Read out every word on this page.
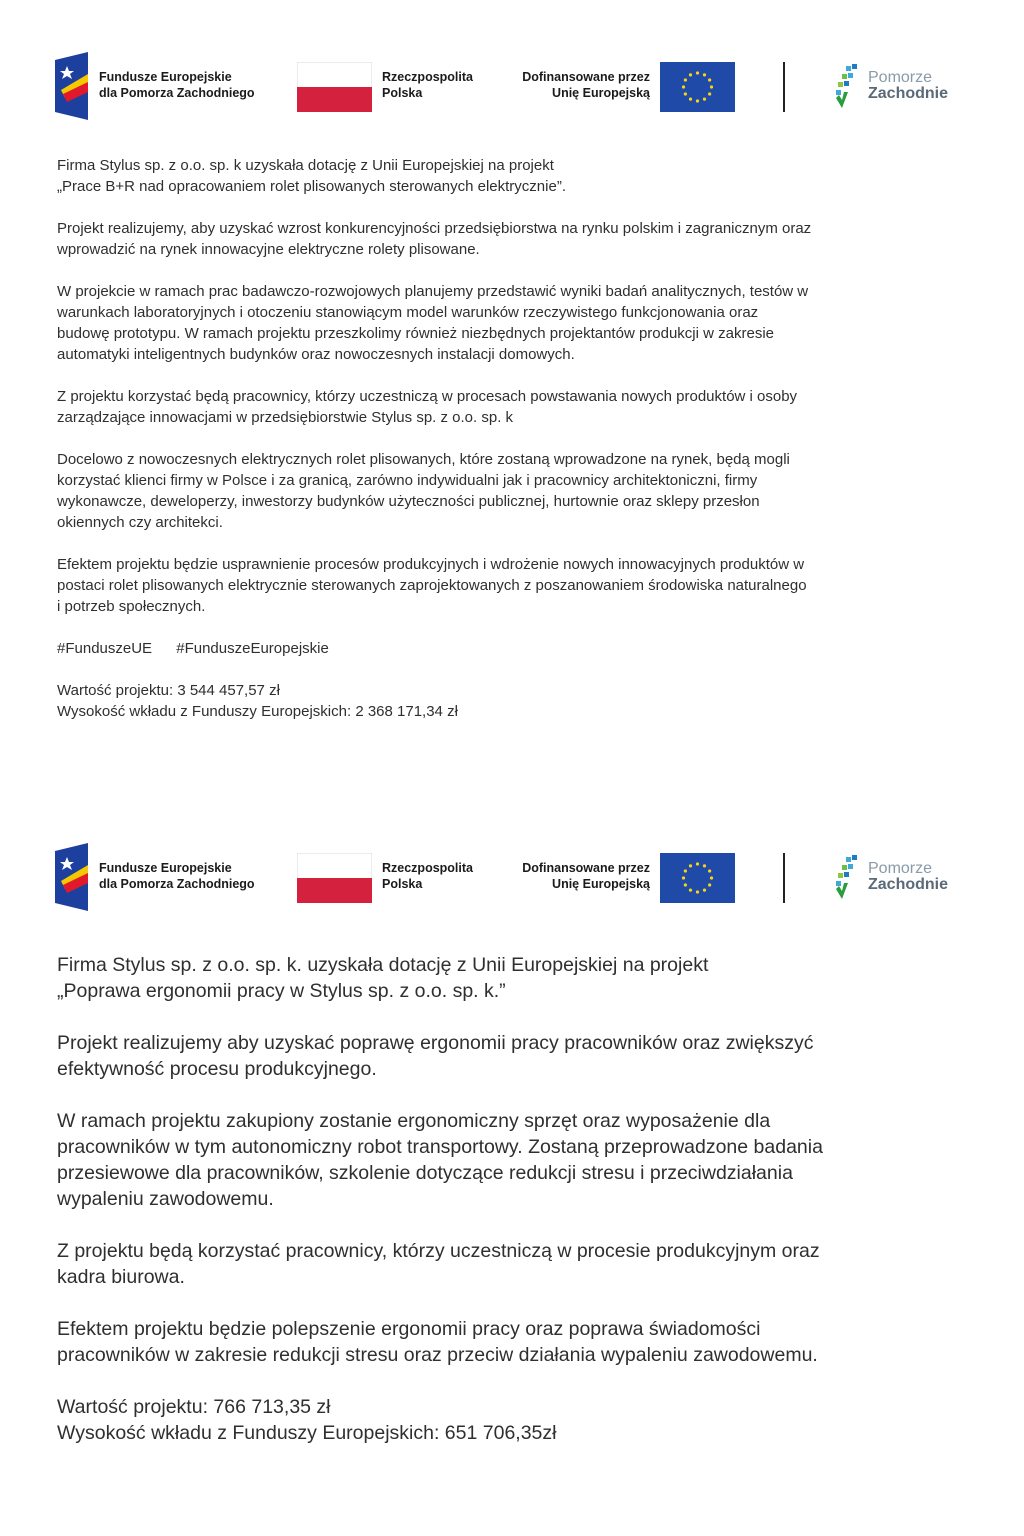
Fundusze Europejskie
dla Pomorza Zachodniego
Rzeczpospolita
Polska
Dofinansowane przez
Unię Europejską
Pomorze
Zachodnie

Firma Stylus sp. z o.o. sp. k uzyskała dotację z Unii Europejskiej na projekt
„Prace B+R nad opracowaniem rolet plisowanych sterowanych elektrycznie”.

Projekt realizujemy, aby uzyskać wzrost konkurencyjności przedsiębiorstwa na rynku polskim i zagranicznym oraz
wprowadzić na rynek innowacyjne elektryczne rolety plisowane.

W projekcie w ramach prac badawczo-rozwojowych planujemy przedstawić wyniki badań analitycznych, testów w
warunkach laboratoryjnych i otoczeniu stanowiącym model warunków rzeczywistego funkcjonowania oraz
budowę prototypu. W ramach projektu przeszkolimy również niezbędnych projektantów produkcji w zakresie
automatyki inteligentnych budynków oraz nowoczesnych instalacji domowych.

Z projektu korzystać będą pracownicy, którzy uczestniczą w procesach powstawania nowych produktów i osoby
zarządzające innowacjami w przedsiębiorstwie Stylus sp. z o.o. sp. k

Docelowo z nowoczesnych elektrycznych rolet plisowanych, które zostaną wprowadzone na rynek, będą mogli
korzystać klienci firmy w Polsce i za granicą, zarówno indywidualni jak i pracownicy architektoniczni, firmy
wykonawcze, deweloperzy, inwestorzy budynków użyteczności publicznej, hurtownie oraz sklepy przesłon
okiennych czy architekci.

Efektem projektu będzie usprawnienie procesów produkcyjnych i wdrożenie nowych innowacyjnych produktów w
postaci rolet plisowanych elektrycznie sterowanych zaprojektowanych z poszanowaniem środowiska naturalnego
i potrzeb społecznych.

#FunduszeUE #FunduszeEuropejskie

Wartość projektu: 3 544 457,57 zł
Wysokość wkładu z Funduszy Europejskich: 2 368 171,34 zł

Fundusze Europejskie
dla Pomorza Zachodniego
Rzeczpospolita
Polska
Dofinansowane przez
Unię Europejską
Pomorze
Zachodnie

Firma Stylus sp. z o.o. sp. k. uzyskała dotację z Unii Europejskiej na projekt
„Poprawa ergonomii pracy w Stylus sp. z o.o. sp. k.”

Projekt realizujemy aby uzyskać poprawę ergonomii pracy pracowników oraz zwiększyć
efektywność procesu produkcyjnego.

W ramach projektu zakupiony zostanie ergonomiczny sprzęt oraz wyposażenie dla
pracowników w tym autonomiczny robot transportowy. Zostaną przeprowadzone badania
przesiewowe dla pracowników, szkolenie dotyczące redukcji stresu i przeciwdziałania
wypaleniu zawodowemu.

Z projektu będą korzystać pracownicy, którzy uczestniczą w procesie produkcyjnym oraz
kadra biurowa.

Efektem projektu będzie polepszenie ergonomii pracy oraz poprawa świadomości
pracowników w zakresie redukcji stresu oraz przeciw działania wypaleniu zawodowemu.

Wartość projektu: 766 713,35 zł
Wysokość wkładu z Funduszy Europejskich: 651 706,35zł
